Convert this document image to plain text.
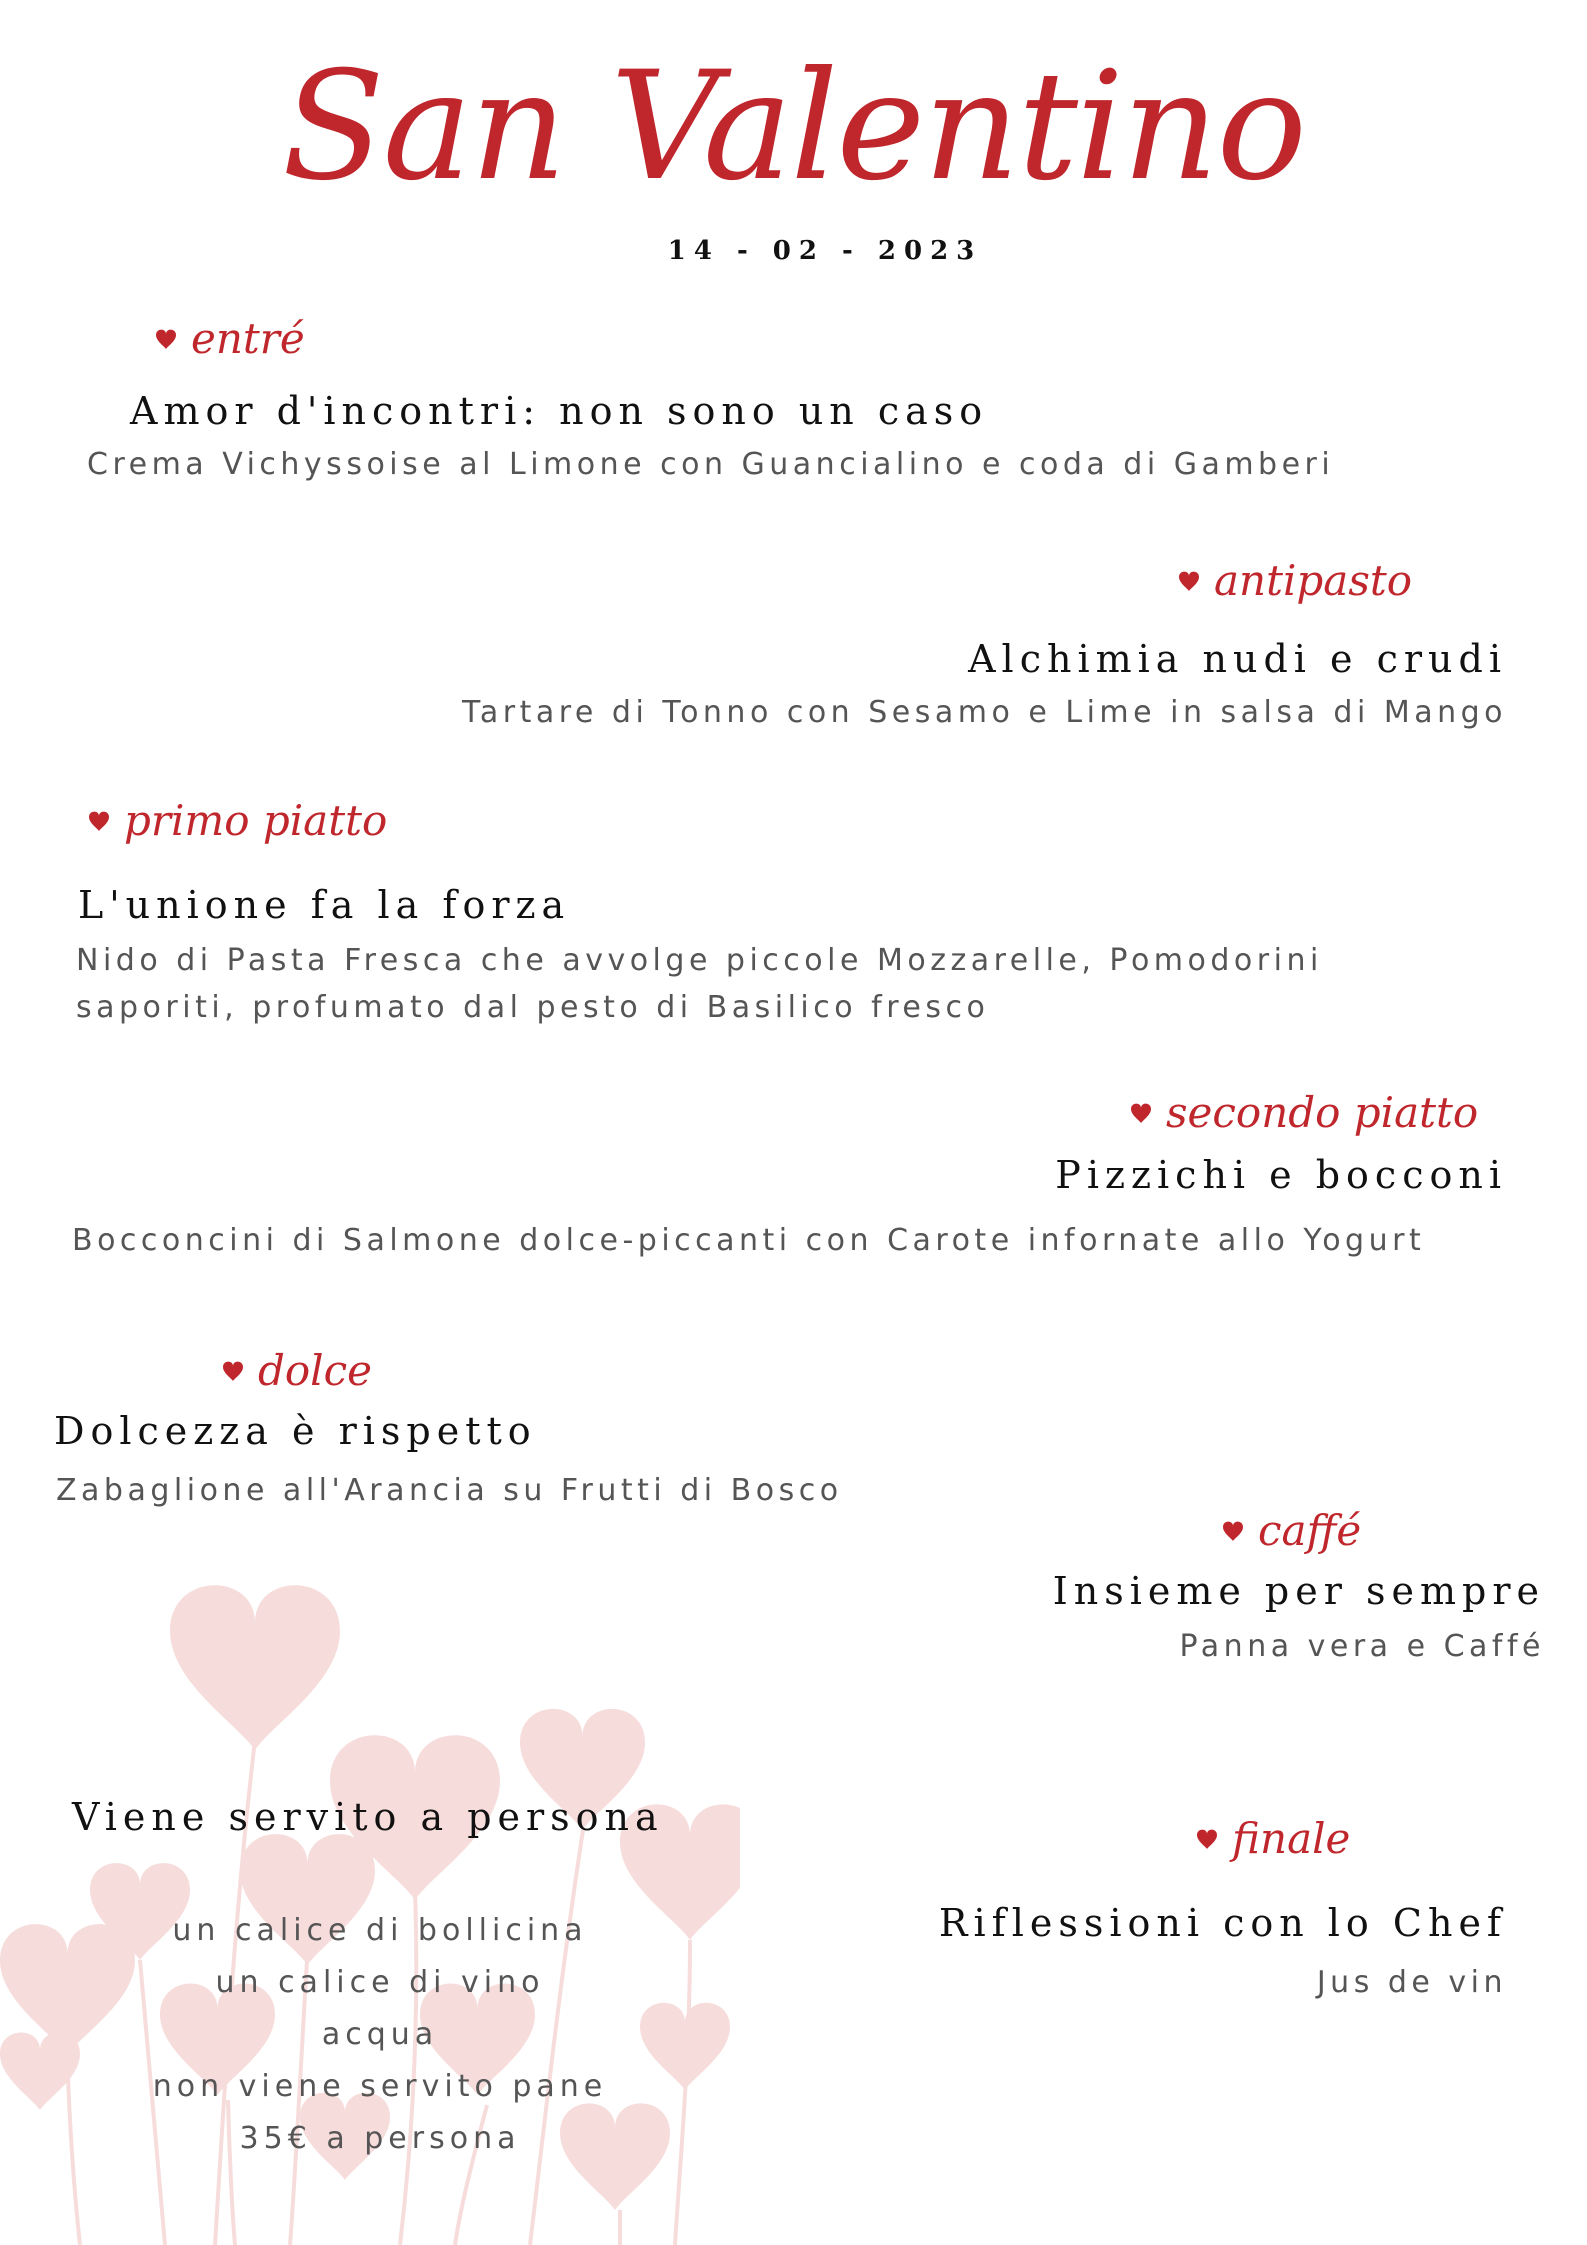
San Valentino
14 - 02 - 2023
entré
Amor d'incontri: non sono un caso
Crema Vichyssoise al Limone con Guancialino e coda di Gamberi
antipasto
Alchimia nudi e crudi
Tartare di Tonno con Sesamo e Lime in salsa di Mango
primo piatto
L'unione fa la forza
Nido di Pasta Fresca che avvolge piccole Mozzarelle, Pomodorini
saporiti, profumato dal pesto di Basilico fresco
secondo piatto
Pizzichi e bocconi
Bocconcini di Salmone dolce-piccanti con Carote infornate allo Yogurt
dolce
Dolcezza è rispetto
Zabaglione all'Arancia su Frutti di Bosco
caffé
Insieme per sempre
Panna vera e Caffé
finale
Riflessioni con lo Chef
Jus de vin
Viene servito a persona
un calice di bollicina
un calice di vino
acqua
non viene servito pane
35€ a persona
